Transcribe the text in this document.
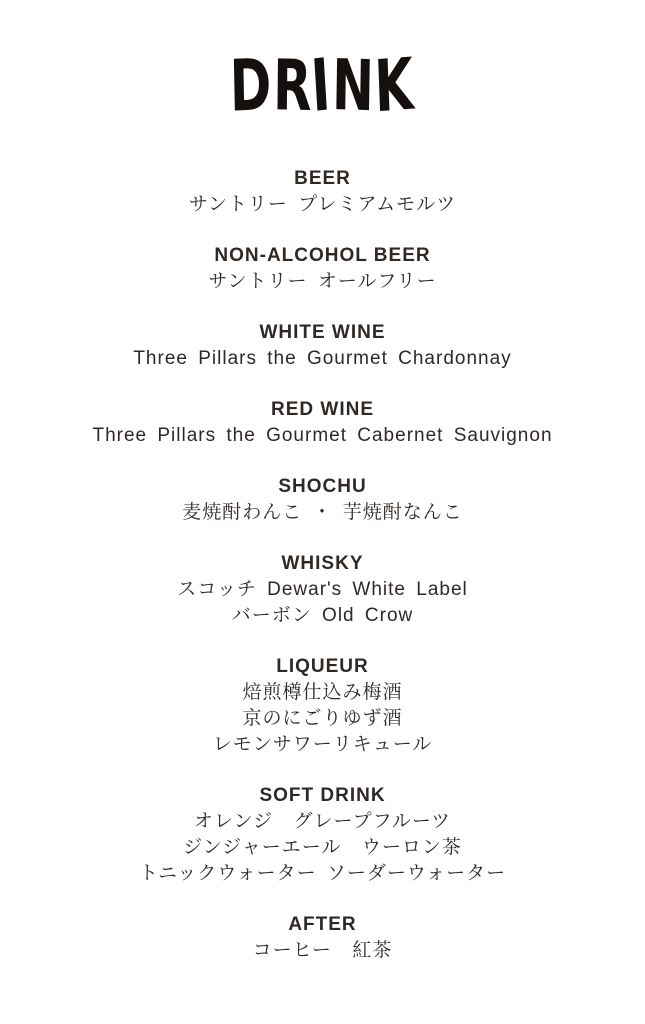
DRINK
BEER
サントリー プレミアムモルツ
NON-ALCOHOL BEER
サントリー オールフリー
WHITE WINE
Three Pillars the Gourmet Chardonnay
RED WINE
Three Pillars the Gourmet Cabernet Sauvignon
SHOCHU
麦焼酎わんこ ・ 芋焼酎なんこ
WHISKY
スコッチ Dewar's White Label
バーボン Old Crow
LIQUEUR
焙煎樽仕込み梅酒
京のにごりゆず酒
レモンサワーリキュール
SOFT DRINK
オレンジ  グレープフルーツ
ジンジャーエール  ウーロン茶
トニックウォーター ソーダーウォーター
AFTER
コーヒー  紅茶
